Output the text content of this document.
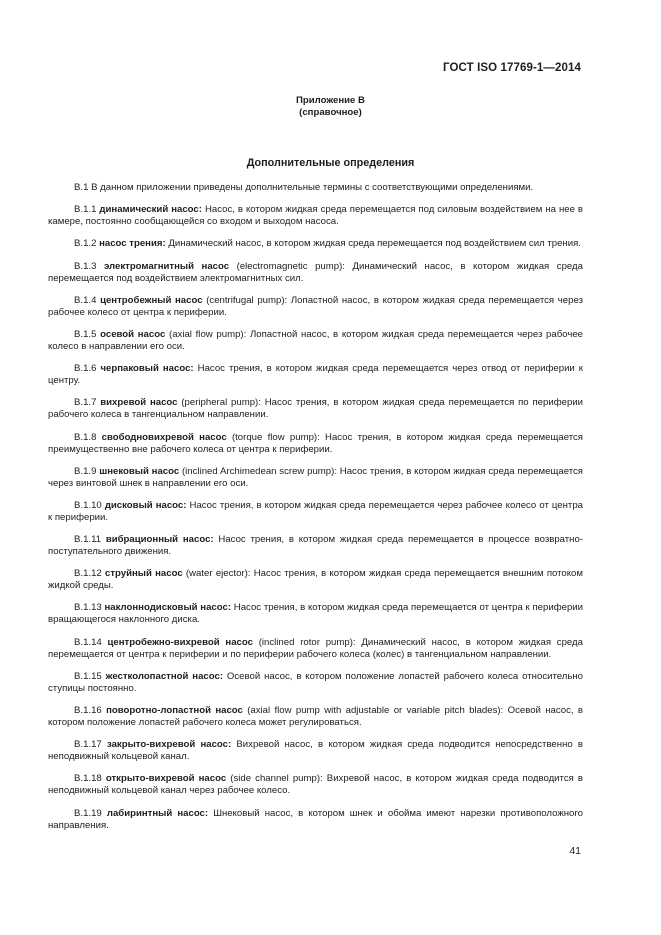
ГОСТ ISO 17769-1—2014
Приложение В
(справочное)
Дополнительные определения

В.1 В данном приложении приведены дополнительные термины с соответствующими определениями.

В.1.1 динамический насос: Насос, в котором жидкая среда перемещается под силовым воздействием на нее в камере, постоянно сообщающейся со входом и выходом насоса.

В.1.2 насос трения: Динамический насос, в котором жидкая среда перемещается под воздействием сил трения.

В.1.3 электромагнитный насос (electromagnetic pump): Динамический насос, в котором жидкая среда перемещается под воздействием электромагнитных сил.

В.1.4 центробежный насос (centrifugal pump): Лопастной насос, в котором жидкая среда перемещается через рабочее колесо от центра к периферии.

В.1.5 осевой насос (axial flow pump): Лопастной насос, в котором жидкая среда перемещается через рабочее колесо в направлении его оси.

В.1.6 черпаковый насос: Насос трения, в котором жидкая среда перемещается через отвод от периферии к центру.

В.1.7 вихревой насос (peripheral pump): Насос трения, в котором жидкая среда перемещается по периферии рабочего колеса в тангенциальном направлении.

В.1.8 свободновихревой насос (torque flow pump): Насос трения, в котором жидкая среда перемещается преимущественно вне рабочего колеса от центра к периферии.

В.1.9 шнековый насос (inclined Archimedean screw pump): Насос трения, в котором жидкая среда перемещается через винтовой шнек в направлении его оси.

В.1.10 дисковый насос: Насос трения, в котором жидкая среда перемещается через рабочее колесо от центра к периферии.

В.1.11 вибрационный насос: Насос трения, в котором жидкая среда перемещается в процессе возвратно-поступательного движения.

В.1.12 струйный насос (water ejector): Насос трения, в котором жидкая среда перемещается внешним потоком жидкой среды.

В.1.13 наклоннодисковый насос: Насос трения, в котором жидкая среда перемещается от центра к периферии вращающегося наклонного диска.

В.1.14 центробежно-вихревой насос (inclined rotor pump): Динамический насос, в котором жидкая среда перемещается от центра к периферии и по периферии рабочего колеса (колес) в тангенциальном направлении.

В.1.15 жестколопастной насос: Осевой насос, в котором положение лопастей рабочего колеса относительно ступицы постоянно.

В.1.16 поворотно-лопастной насос (axial flow pump with adjustable or variable pitch blades): Осевой насос, в котором положение лопастей рабочего колеса может регулироваться.

В.1.17 закрыто-вихревой насос: Вихревой насос, в котором жидкая среда подводится непосредственно в неподвижный кольцевой канал.

В.1.18 открыто-вихревой насос (side channel pump): Вихревой насос, в котором жидкая среда подводится в неподвижный кольцевой канал через рабочее колесо.

В.1.19 лабиринтный насос: Шнековый насос, в котором шнек и обойма имеют нарезки противоположного направления.

41
